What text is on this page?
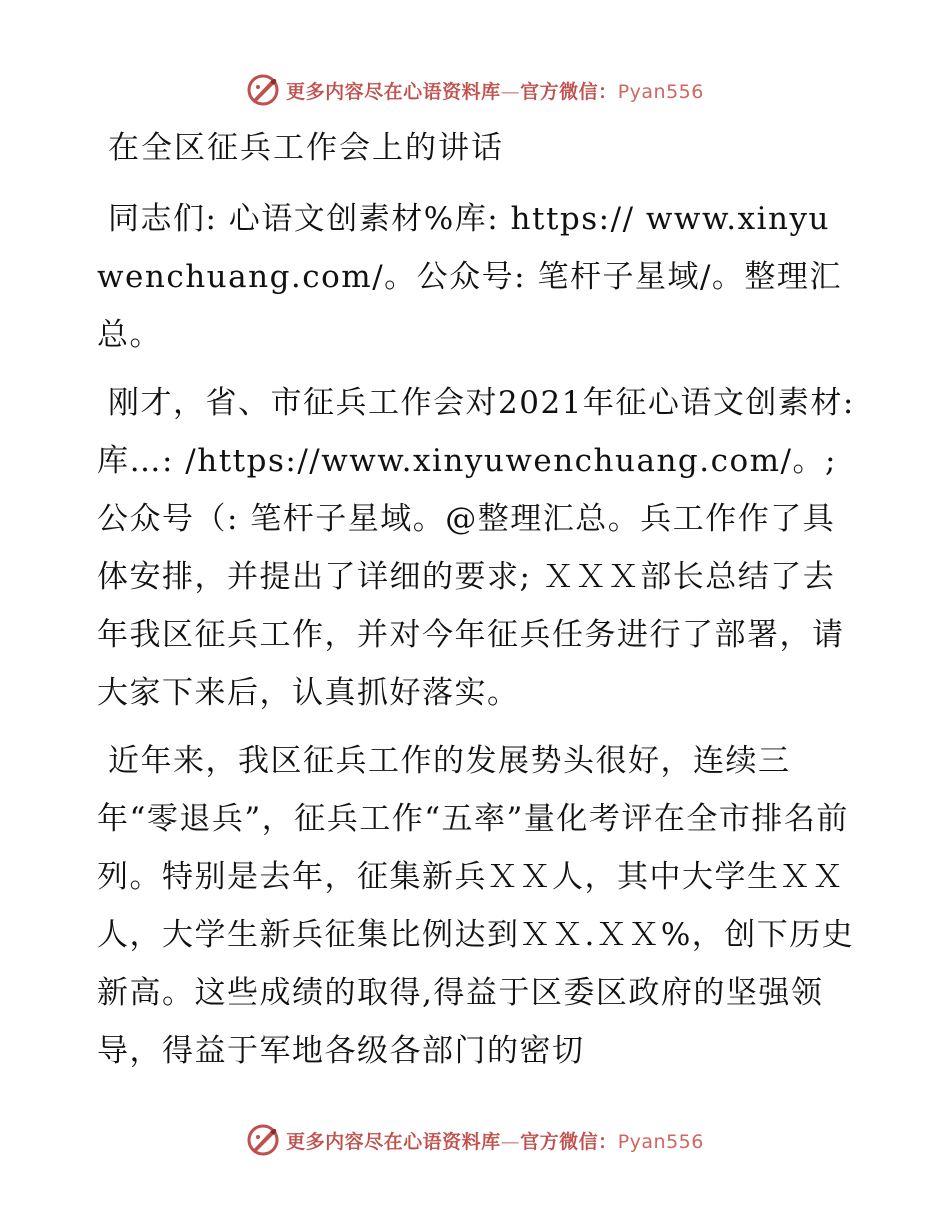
更多内容尽在心语资料库—官方微信：Pyan556
在全区征兵工作会上的讲话

同志们: 心语文创素材%库: https:// www.xinyuwenchuang.com/。公众号: 笔杆子星域/。整理汇总。

刚才，省、市征兵工作会对2021年征心语文创素材:库…: /https://www.xinyuwenchuang.com/。; 公众号（: 笔杆子星域。@整理汇总。兵工作作了具体安排，并提出了详细的要求; ＸＸＸ部长总结了去年我区征兵工作，并对今年征兵任务进行了部署，请大家下来后，认真抓好落实。

近年来，我区征兵工作的发展势头很好，连续三年“零退兵”，征兵工作“五率”量化考评在全市排名前列。特别是去年，征集新兵ＸＸ人，其中大学生ＸＸ人，大学生新兵征集比例达到ＸＸ.ＸＸ%，创下历史新高。这些成绩的取得,得益于区委区政府的坚强领导，得益于军地各级各部门的密切

更多内容尽在心语资料库—官方微信：Pyan556
